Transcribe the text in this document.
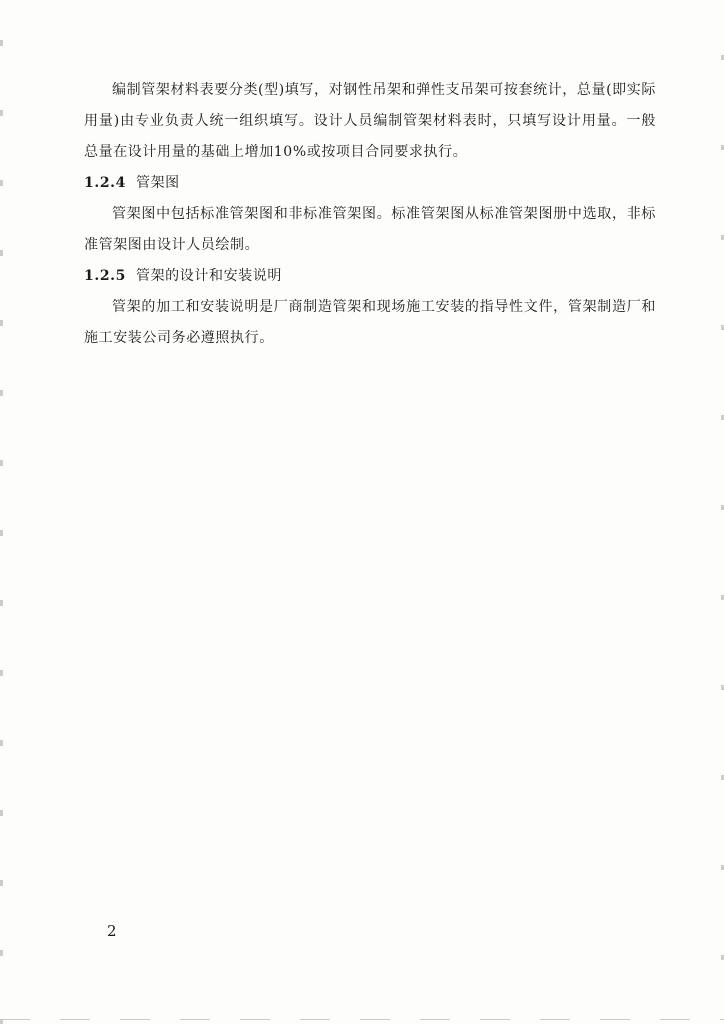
编制管架材料表要分类(型)填写，对钢性吊架和弹性支吊架可按套统计，总量(即实际用量)由专业负责人统一组织填写。设计人员编制管架材料表时，只填写设计用量。一般总量在设计用量的基础上增加10%或按项目合同要求执行。

1.2.4 管架图

管架图中包括标准管架图和非标准管架图。标准管架图从标准管架图册中选取，非标准管架图由设计人员绘制。

1.2.5 管架的设计和安装说明

管架的加工和安装说明是厂商制造管架和现场施工安装的指导性文件，管架制造厂和施工安装公司务必遵照执行。

2
